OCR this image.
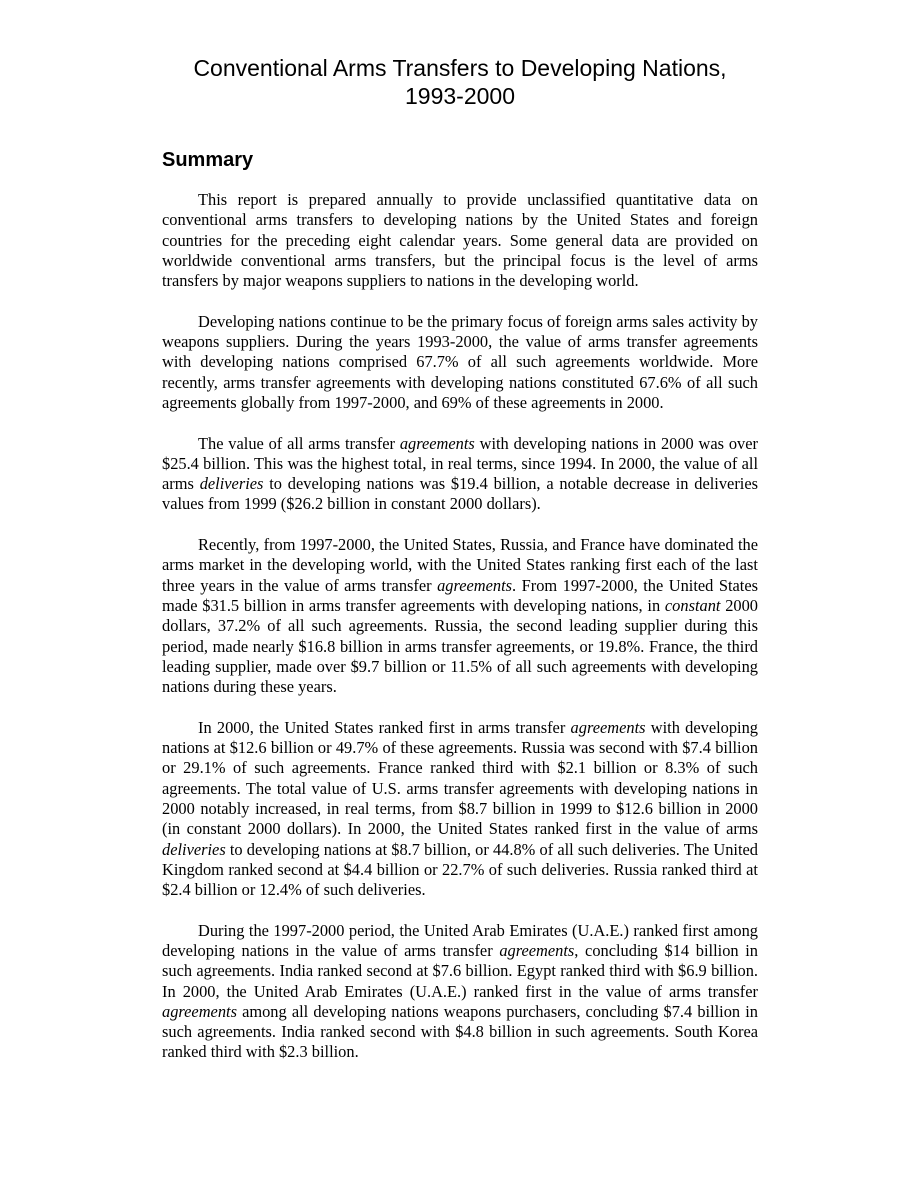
Conventional Arms Transfers to Developing Nations,
1993-2000
Summary

This report is prepared annually to provide unclassified quantitative data on conventional arms transfers to developing nations by the United States and foreign countries for the preceding eight calendar years. Some general data are provided on worldwide conventional arms transfers, but the principal focus is the level of arms transfers by major weapons suppliers to nations in the developing world.

Developing nations continue to be the primary focus of foreign arms sales activity by weapons suppliers. During the years 1993-2000, the value of arms transfer agreements with developing nations comprised 67.7% of all such agreements worldwide. More recently, arms transfer agreements with developing nations constituted 67.6% of all such agreements globally from 1997-2000, and 69% of these agreements in 2000.

The value of all arms transfer agreements with developing nations in 2000 was over $25.4 billion. This was the highest total, in real terms, since 1994. In 2000, the value of all arms deliveries to developing nations was $19.4 billion, a notable decrease in deliveries values from 1999 ($26.2 billion in constant 2000 dollars).

Recently, from 1997-2000, the United States, Russia, and France have dominated the arms market in the developing world, with the United States ranking first each of the last three years in the value of arms transfer agreements. From 1997-2000, the United States made $31.5 billion in arms transfer agreements with developing nations, in constant 2000 dollars, 37.2% of all such agreements. Russia, the second leading supplier during this period, made nearly $16.8 billion in arms transfer agreements, or 19.8%. France, the third leading supplier, made over $9.7 billion or 11.5% of all such agreements with developing nations during these years.

In 2000, the United States ranked first in arms transfer agreements with developing nations at $12.6 billion or 49.7% of these agreements. Russia was second with $7.4 billion or 29.1% of such agreements. France ranked third with $2.1 billion or 8.3% of such agreements. The total value of U.S. arms transfer agreements with developing nations in 2000 notably increased, in real terms, from $8.7 billion in 1999 to $12.6 billion in 2000 (in constant 2000 dollars). In 2000, the United States ranked first in the value of arms deliveries to developing nations at $8.7 billion, or 44.8% of all such deliveries. The United Kingdom ranked second at $4.4 billion or 22.7% of such deliveries. Russia ranked third at $2.4 billion or 12.4% of such deliveries.

During the 1997-2000 period, the United Arab Emirates (U.A.E.) ranked first among developing nations in the value of arms transfer agreements, concluding $14 billion in such agreements. India ranked second at $7.6 billion. Egypt ranked third with $6.9 billion. In 2000, the United Arab Emirates (U.A.E.) ranked first in the value of arms transfer agreements among all developing nations weapons purchasers, concluding $7.4 billion in such agreements. India ranked second with $4.8 billion in such agreements. South Korea ranked third with $2.3 billion.
